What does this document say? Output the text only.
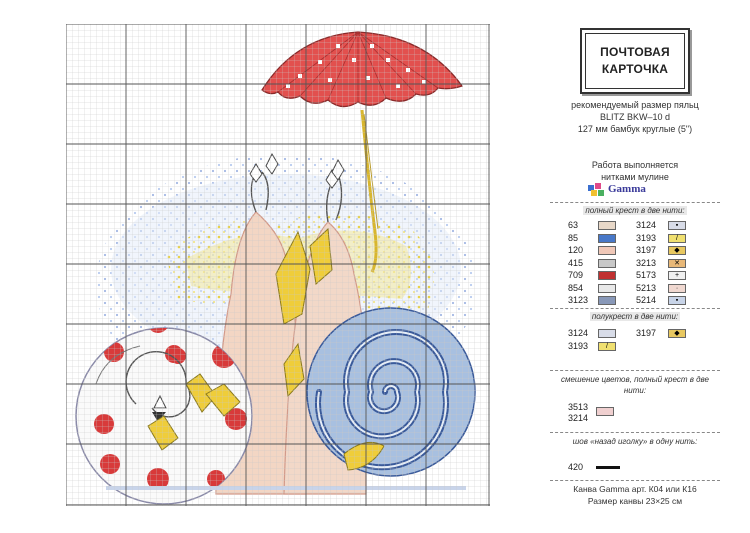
ПОЧТОВАЯ
КАРТОЧКА
рекомендуемый размер пяльц
BLITZ BKW–10 d
127 мм бамбук круглые (5")
Работа выполняется
нитками мулине
Gamma
полный крест в две нити:
63	3124	▪
85	3193	/
120	3197	◆
415	3213	✕
709	5173	+
854	5213	·
3123	5214	▪
полукрест в две нити:
3124	3197	◆
3193	/
смешение цветов, полный крест в две нити:
3513
3214
шов «назад иголку» в одну нить:
420
Канва Gamma арт. К04 или К16
Размер канвы 23×25 см
